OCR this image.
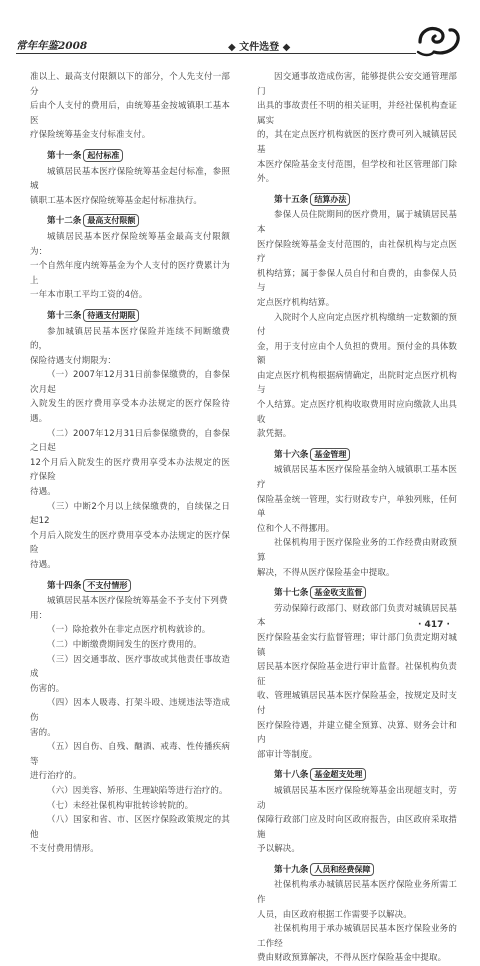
常年年鉴2008	◆ 文件选登 ◆

准以上、最高支付限额以下的部分，个人先支付一部分

后由个人支付的费用后，由统筹基金按城镇职工基本医

疗保险统筹基金支付标准支付。

第十一条 起付标准

城镇居民基本医疗保险统筹基金起付标准，参照城

镇职工基本医疗保险统筹基金起付标准执行。

第十二条 最高支付限额

城镇居民基本医疗保险统筹基金最高支付限额为：

一个自然年度内统筹基金为个人支付的医疗费累计为上

一年本市职工平均工资的4倍。

第十三条 待遇支付期限

参加城镇居民基本医疗保险并连续不间断缴费的，

保险待遇支付期限为：

（一）2007年12月31日前参保缴费的，自参保次月起

入院发生的医疗费用享受本办法规定的医疗保险待遇。

（二）2007年12月31日后参保缴费的，自参保之日起

12个月后入院发生的医疗费用享受本办法规定的医疗保险

待遇。

（三）中断2个月以上续保缴费的，自续保之日起12

个月后入院发生的医疗费用享受本办法规定的医疗保险

待遇。

第十四条 不支付情形

城镇居民基本医疗保险统筹基金不予支付下列费

用：

（一）除抢救外在非定点医疗机构就诊的。

（二）中断缴费期间发生的医疗费用的。

（三）因交通事故、医疗事故或其他责任事故造成

伤害的。

（四）因本人吸毒、打架斗殴、违规违法等造成伤

害的。

（五）因自伤、自残、酗酒、戒毒、性传播疾病等

进行治疗的。

（六）因美容、矫形、生理缺陷等进行治疗的。

（七）未经社保机构审批转诊转院的。

（八）国家和省、市、区医疗保险政策规定的其他

不支付费用情形。

因交通事故造成伤害，能够提供公安交通管理部门

出具的事故责任不明的相关证明，并经社保机构查证属实

的，其在定点医疗机构就医的医疗费可列入城镇居民基

本医疗保险基金支付范围，但学校和社区管理部门除外。

第十五条 结算办法

参保人员住院期间的医疗费用，属于城镇居民基本

医疗保险统筹基金支付范围的，由社保机构与定点医疗

机构结算；属于参保人员自付和自费的，由参保人员与

定点医疗机构结算。

入院时个人应向定点医疗机构缴纳一定数额的预付

金，用于支付应由个人负担的费用。预付金的具体数额

由定点医疗机构根据病情确定，出院时定点医疗机构与

个人结算。定点医疗机构收取费用时应向缴款人出具收

款凭据。

第十六条 基金管理

城镇居民基本医疗保险基金纳入城镇职工基本医疗

保险基金统一管理，实行财政专户，单独列账，任何单

位和个人不得挪用。

社保机构用于医疗保险业务的工作经费由财政预算

解决，不得从医疗保险基金中提取。

第十七条 基金收支监督

劳动保障行政部门、财政部门负责对城镇居民基本

医疗保险基金实行监督管理；审计部门负责定期对城镇

居民基本医疗保险基金进行审计监督。社保机构负责征

收、管理城镇居民基本医疗保险基金，按规定及时支付

医疗保险待遇，并建立健全预算、决算、财务会计和内

部审计等制度。

第十八条 基金超支处理

城镇居民基本医疗保险统筹基金出现超支时，劳动

保障行政部门应及时向区政府报告，由区政府采取措施

予以解决。

第十九条 人员和经费保障

社保机构承办城镇居民基本医疗保险业务所需工作

人员，由区政府根据工作需要予以解决。

社保机构用于承办城镇居民基本医疗保险业务的工作经

费由财政预算解决，不得从医疗保险基金中提取。

· 417 ·
